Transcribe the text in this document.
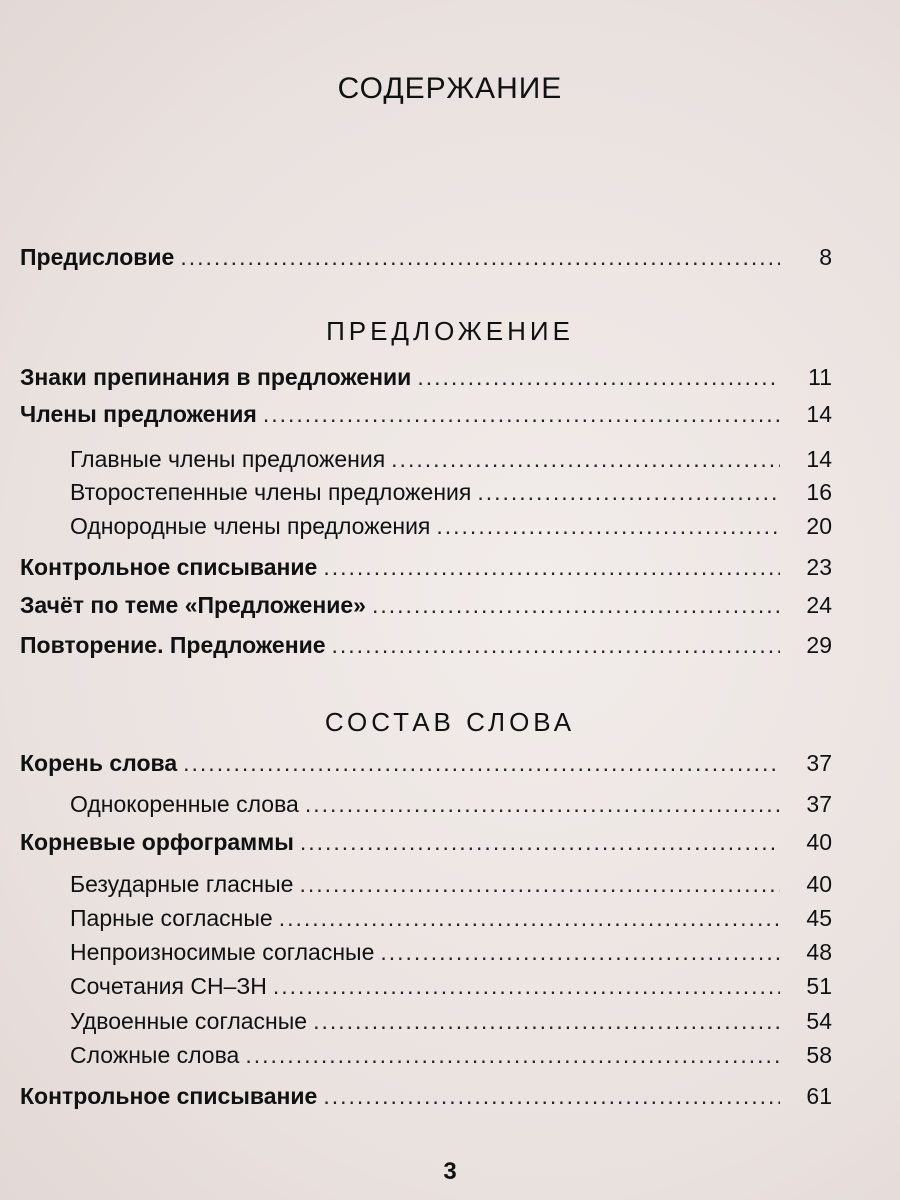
СОДЕРЖАНИЕ
Предисловие .....	8
ПРЕДЛОЖЕНИЕ
Знаки препинания в предложении .....	11
Члены предложения .....	14
Главные члены предложения .....	14
Второстепенные члены предложения .....	16
Однородные члены предложения .....	20
Контрольное списывание .....	23
Зачёт по теме «Предложение» .....	24
Повторение. Предложение .....	29
СОСТАВ СЛОВА
Корень слова .....	37
Однокоренные слова .....	37
Корневые орфограммы .....	40
Безударные гласные .....	40
Парные согласные .....	45
Непроизносимые согласные .....	48
Сочетания СН–ЗН .....	51
Удвоенные согласные .....	54
Сложные слова .....	58
Контрольное списывание .....	61
3
